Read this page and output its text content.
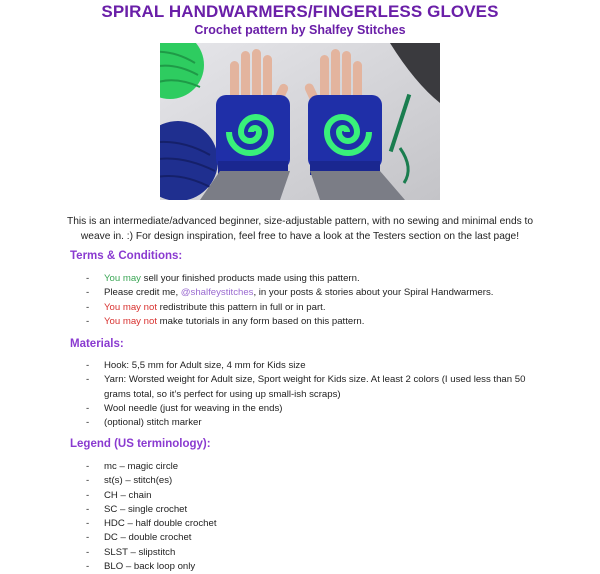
SPIRAL HANDWARMERS/FINGERLESS GLOVES
Crochet pattern by Shalfey Stitches
This is an intermediate/advanced beginner, size-adjustable pattern, with no sewing and minimal ends to weave in. :) For design inspiration, feel free to have a look at the Testers section on the last page!
Terms & Conditions:
- You may sell your finished products made using this pattern.
- Please credit me, @shalfeystitches, in your posts & stories about your Spiral Handwarmers.
- You may not redistribute this pattern in full or in part.
- You may not make tutorials in any form based on this pattern.
Materials:
- Hook: 5,5 mm for Adult size, 4 mm for Kids size
- Yarn: Worsted weight for Adult size, Sport weight for Kids size. At least 2 colors (I used less than 50 grams total, so it’s perfect for using up small-ish scraps)
- Wool needle (just for weaving in the ends)
- (optional) stitch marker
Legend (US terminology):
- mc – magic circle
- st(s) – stitch(es)
- CH – chain
- SC – single crochet
- HDC – half double crochet
- DC – double crochet
- SLST – slipstitch
- BLO – back loop only
